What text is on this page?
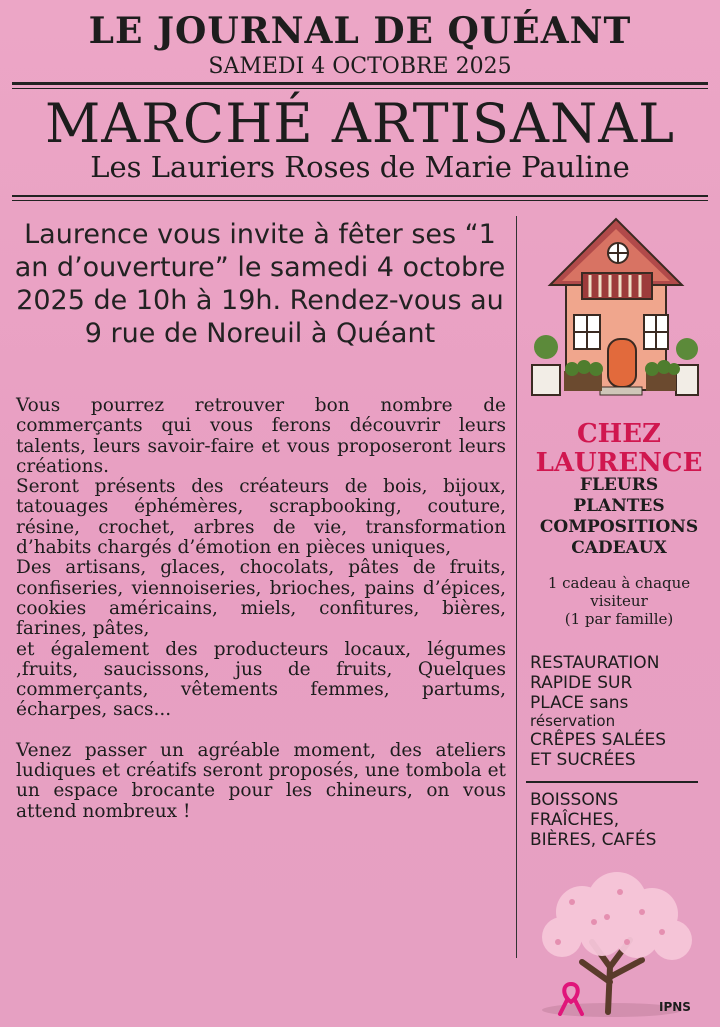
LE JOURNAL DE QUÉANT
SAMEDI 4 OCTOBRE 2025
MARCHÉ ARTISANAL
Les Lauriers Roses de Marie Pauline
Laurence vous invite à fêter ses “1 an d’ouverture” le samedi 4 octobre 2025 de 10h à 19h. Rendez-vous au 9 rue de Noreuil à Quéant

Vous pourrez retrouver bon nombre de commerçants qui vous ferons découvrir leurs talents, leurs savoir-faire et vous proposeront leurs créations.

Seront présents des créateurs de bois, bijoux, tatouages éphémères, scrapbooking, couture, résine, crochet, arbres de vie, transformation d’habits chargés d’émotion en pièces uniques,

Des artisans, glaces, chocolats, pâtes de fruits, confiseries, viennoiseries, brioches, pains d’épices, cookies américains, miels, confitures, bières, farines, pâtes,

et également des producteurs locaux, légumes ,fruits, saucissons, jus de fruits, Quelques commerçants, vêtements femmes, partums, écharpes, sacs...

Venez passer un agréable moment, des ateliers ludiques et créatifs seront proposés, une tombola et un espace brocante pour les chineurs, on vous attend nombreux !

CHEZ
LAURENCE
FLEURS
PLANTES
COMPOSITIONS
CADEAUX
1 cadeau à chaque
visiteur
(1 par famille)
RESTAURATION
RAPIDE SUR
PLACE sans
réservation
CRÊPES SALÉES
ET SUCRÉES
BOISSONS
FRAÎCHES,
BIÈRES, CAFÉS
IPNS
